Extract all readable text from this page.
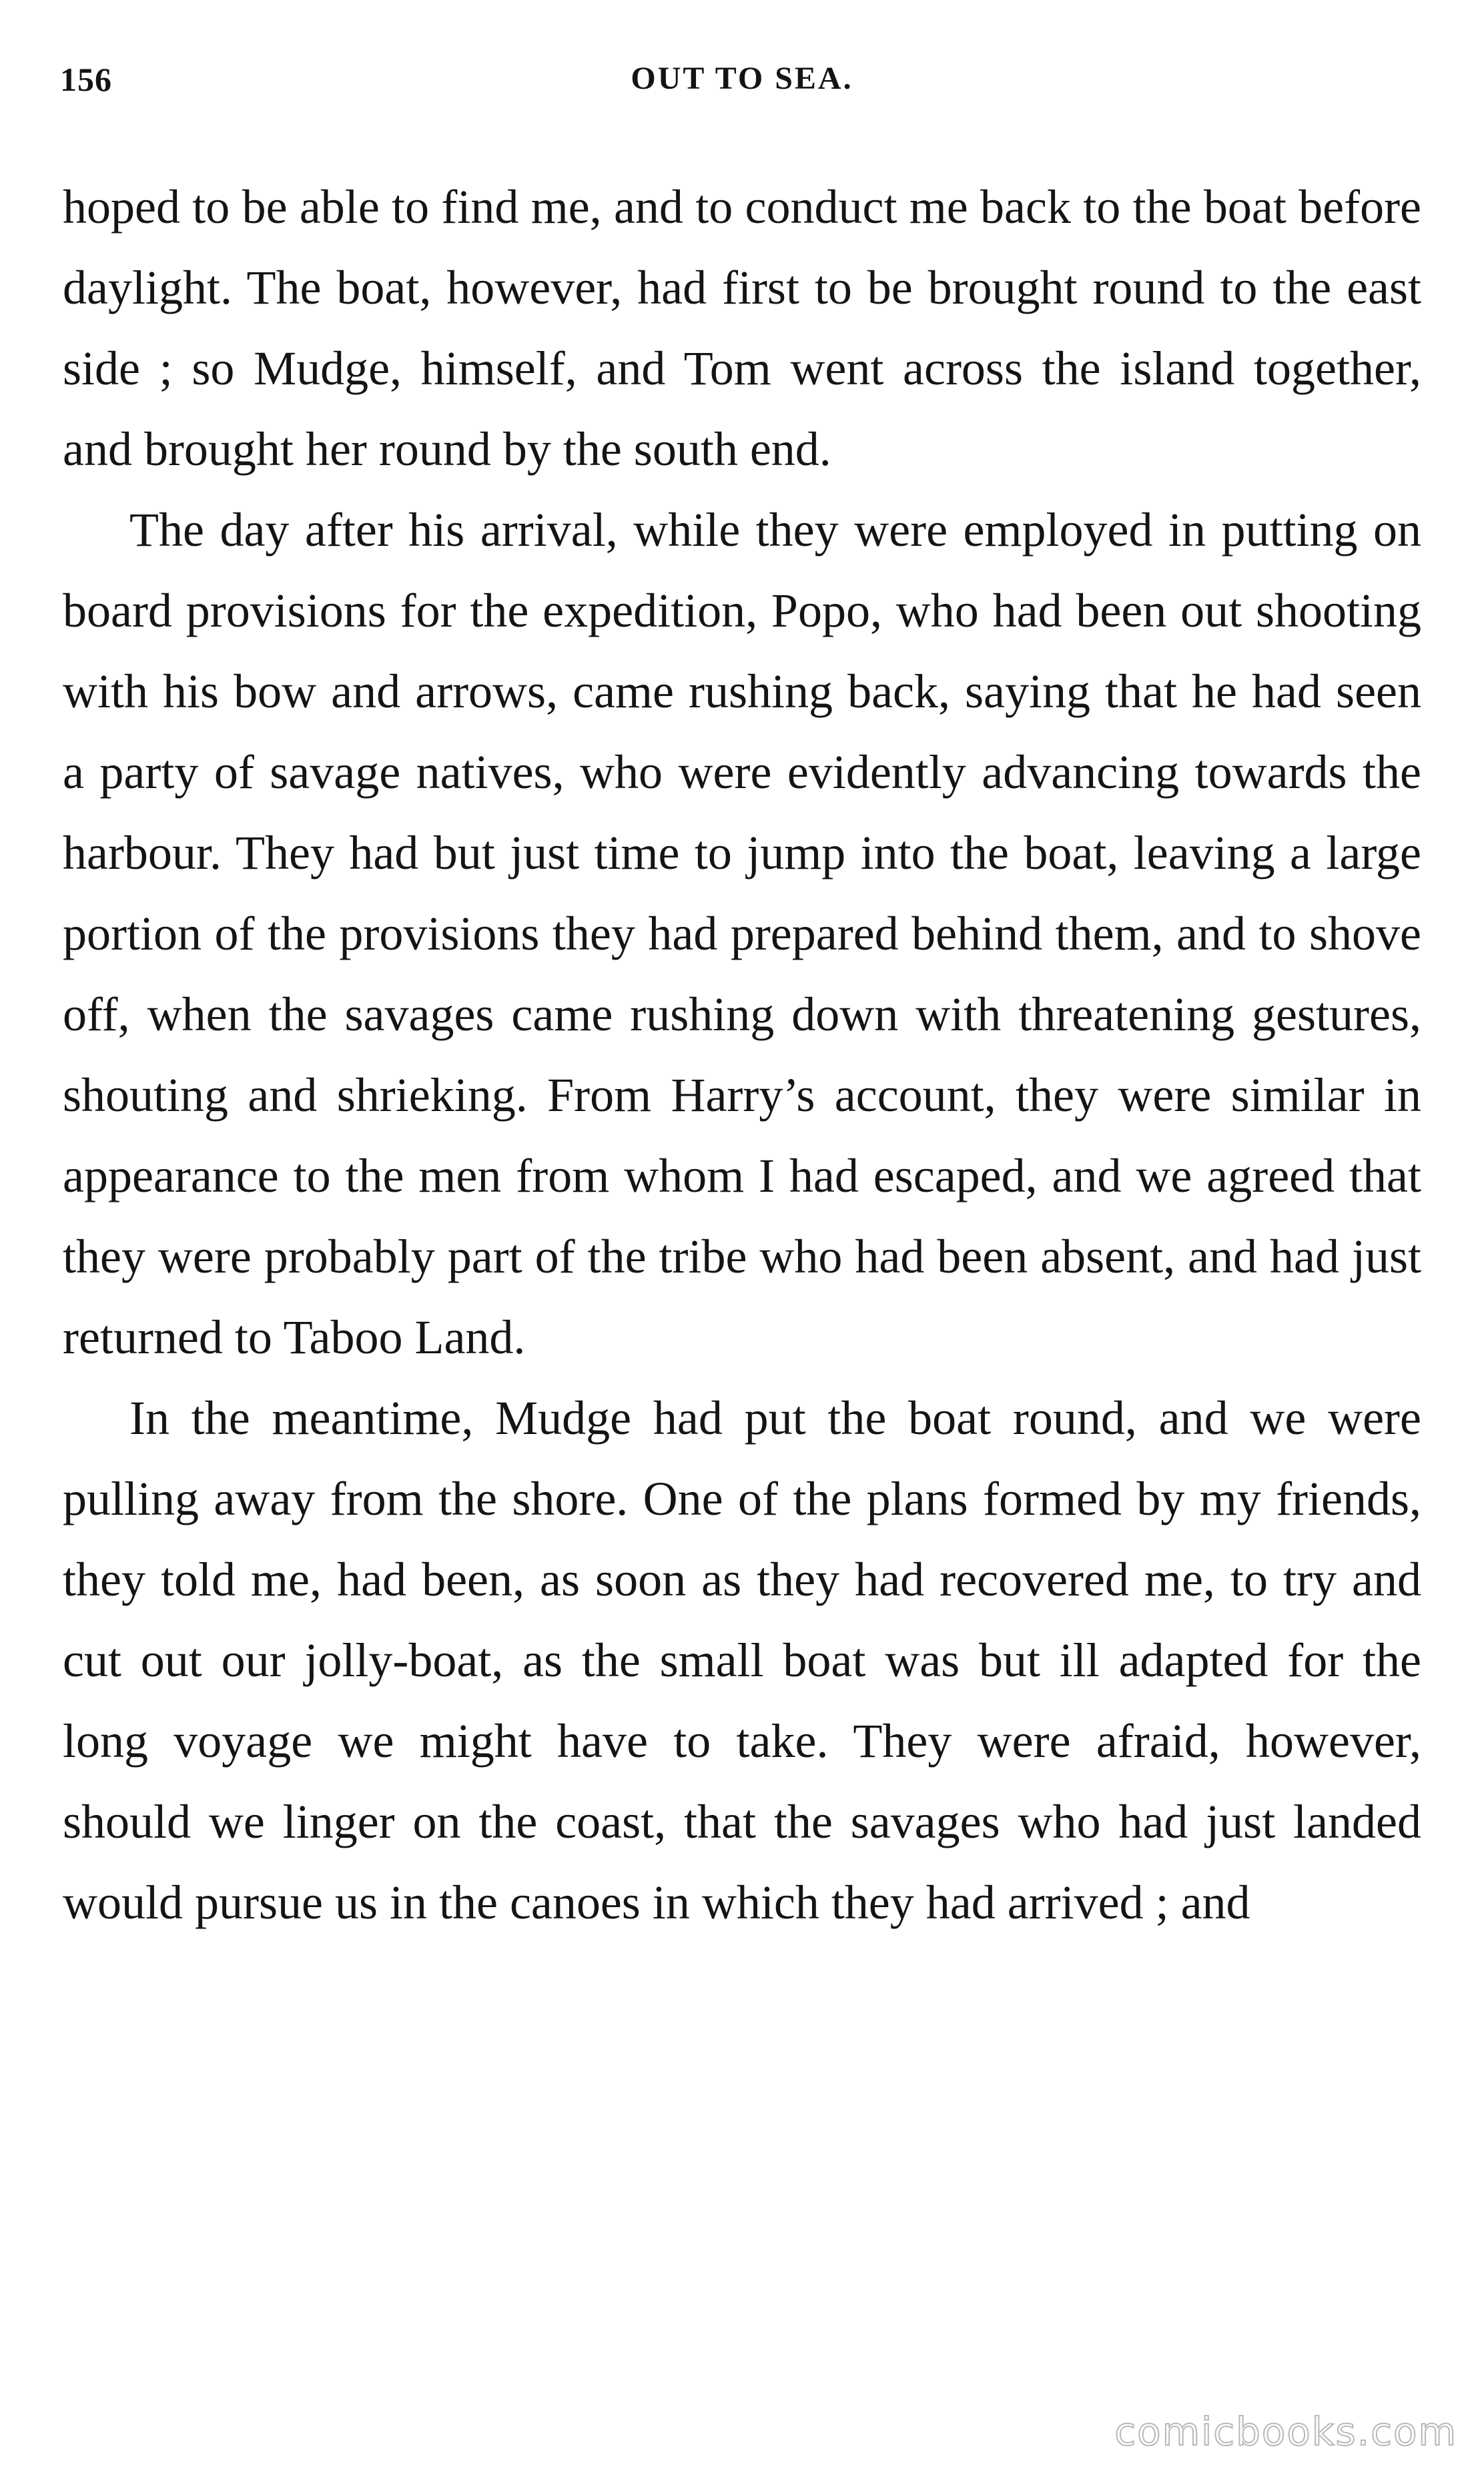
156	OUT TO SEA.

hoped to be able to find me, and to conduct me back to the boat before daylight. The boat, however, had first to be brought round to the east side ; so Mudge, himself, and Tom went across the island together, and brought her round by the south end.

The day after his arrival, while they were employed in putting on board provisions for the expedition, Popo, who had been out shooting with his bow and arrows, came rushing back, saying that he had seen a party of savage natives, who were evidently advancing towards the harbour. They had but just time to jump into the boat, leaving a large portion of the provisions they had prepared behind them, and to shove off, when the savages came rushing down with threatening gestures, shouting and shrieking. From Harry’s account, they were similar in appearance to the men from whom I had escaped, and we agreed that they were probably part of the tribe who had been absent, and had just returned to Taboo Land.

In the meantime, Mudge had put the boat round, and we were pulling away from the shore. One of the plans formed by my friends, they told me, had been, as soon as they had recovered me, to try and cut out our jolly-boat, as the small boat was but ill adapted for the long voyage we might have to take. They were afraid, however, should we linger on the coast, that the savages who had just landed would pursue us in the canoes in which they had arrived ; and

comicbooks.com
